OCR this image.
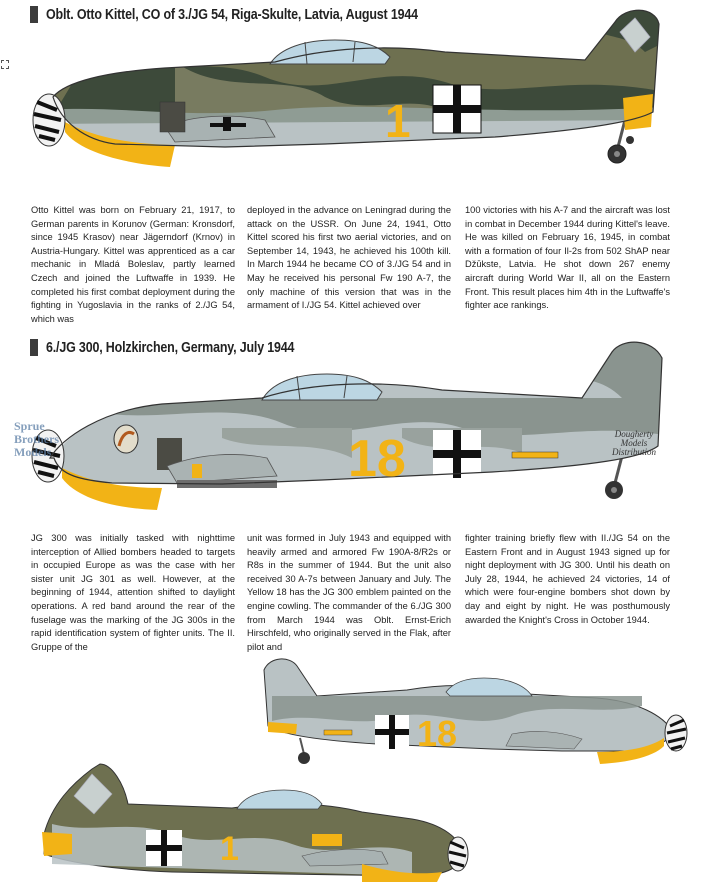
Oblt. Otto Kittel, CO of 3./JG 54, Riga-Skulte, Latvia, August 1944
1

Otto Kittel was born on February 21, 1917, to German parents in Korunov (German: Kronsdorf, since 1945 Krasov) near Jägerndorf (Krnov) in Austria-Hungary. Kittel was apprenticed as a car mechanic in Mladá Boleslav, partly learned Czech and joined the Luftwaffe in 1939. He completed his first combat deployment during the fighting in Yugoslavia in the ranks of 2./JG 54, which was

deployed in the advance on Leningrad during the attack on the USSR. On June 24, 1941, Otto Kittel scored his first two aerial victories, and on September 14, 1943, he achieved his 100th kill. In March 1944 he became CO of 3./JG 54 and in May he received his personal Fw 190 A-7, the only machine of this version that was in the armament of I./JG 54. Kittel achieved over

100 victories with his A-7 and the aircraft was lost in combat in December 1944 during Kittel's leave. He was killed on February 16, 1945, in combat with a formation of four Il-2s from 502 ShAP near Džūkste, Latvia. He shot down 267 enemy aircraft during World War II, all on the Eastern Front. This result places him 4th in the Luftwaffe's fighter ace rankings.

6./JG 300, Holzkirchen, Germany, July 1944
18
Sprue
Brothers
Models
Dougherty
Models
Distribution

JG 300 was initially tasked with nighttime interception of Allied bombers headed to targets in occupied Europe as was the case with her sister unit JG 301 as well. However, at the beginning of 1944, attention shifted to daylight operations. A red band around the rear of the fuselage was the marking of the JG 300s in the rapid identification system of fighter units. The II. Gruppe of the

unit was formed in July 1943 and equipped with heavily armed and armored Fw 190A-8/R2s or R8s in the summer of 1944. But the unit also received 30 A-7s between January and July. The Yellow 18 has the JG 300 emblem painted on the engine cowling. The commander of the 6./JG 300 from March 1944 was Oblt. Ernst-Erich Hirschfeld, who originally served in the Flak, after pilot and

fighter training briefly flew with II./JG 54 on the Eastern Front and in August 1943 signed up for night deployment with JG 300. Until his death on July 28, 1944, he achieved 24 victories, 14 of which were four-engine bombers shot down by day and eight by night. He was posthumously awarded the Knight's Cross in October 1944.

18
1
